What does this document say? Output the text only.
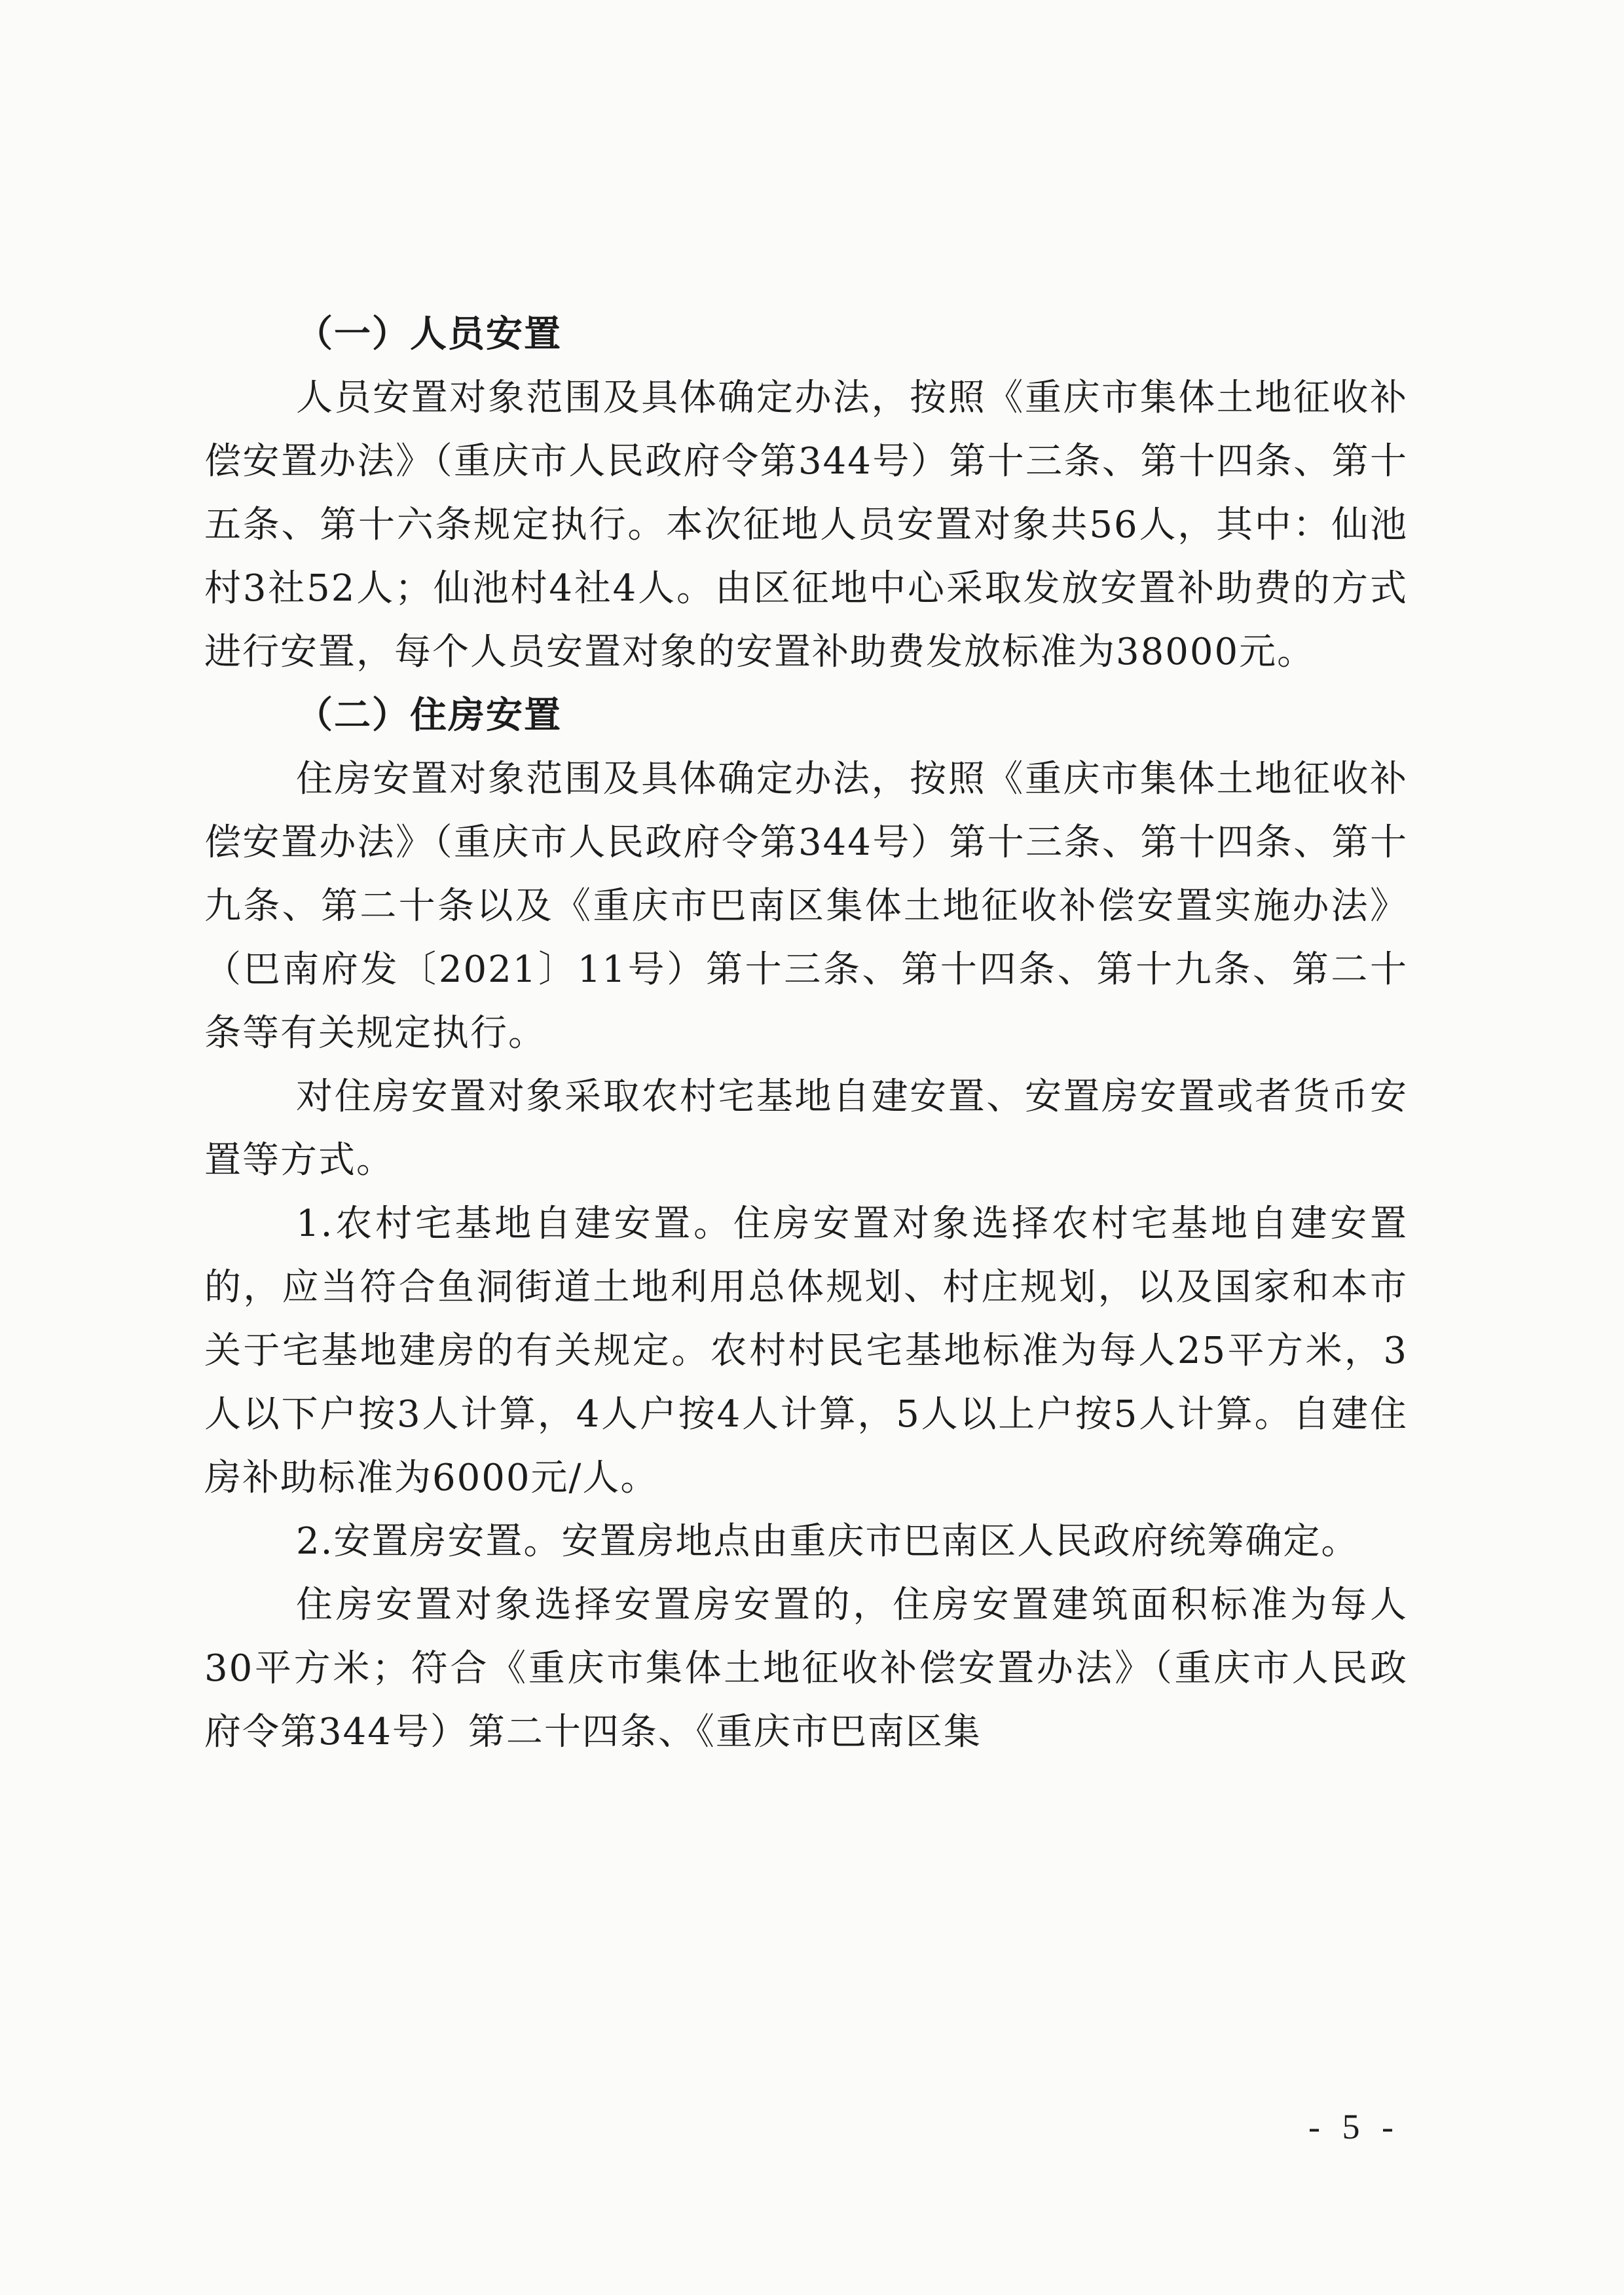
（一）人员安置

人员安置对象范围及具体确定办法，按照《重庆市集体土地征收补偿安置办法》（重庆市人民政府令第344号）第十三条、第十四条、第十五条、第十六条规定执行。本次征地人员安置对象共56人，其中：仙池村3社52人；仙池村4社4人。由区征地中心采取发放安置补助费的方式进行安置，每个人员安置对象的安置补助费发放标准为38000元。

（二）住房安置

住房安置对象范围及具体确定办法，按照《重庆市集体土地征收补偿安置办法》（重庆市人民政府令第344号）第十三条、第十四条、第十九条、第二十条以及《重庆市巴南区集体土地征收补偿安置实施办法》（巴南府发〔2021〕11号）第十三条、第十四条、第十九条、第二十条等有关规定执行。

对住房安置对象采取农村宅基地自建安置、安置房安置或者货币安置等方式。

1.农村宅基地自建安置。住房安置对象选择农村宅基地自建安置的，应当符合鱼洞街道土地利用总体规划、村庄规划，以及国家和本市关于宅基地建房的有关规定。农村村民宅基地标准为每人25平方米，3人以下户按3人计算，4人户按4人计算，5人以上户按5人计算。自建住房补助标准为6000元/人。

2.安置房安置。安置房地点由重庆市巴南区人民政府统筹确定。

住房安置对象选择安置房安置的，住房安置建筑面积标准为每人30平方米；符合《重庆市集体土地征收补偿安置办法》（重庆市人民政府令第344号）第二十四条、《重庆市巴南区集

- 5 -
